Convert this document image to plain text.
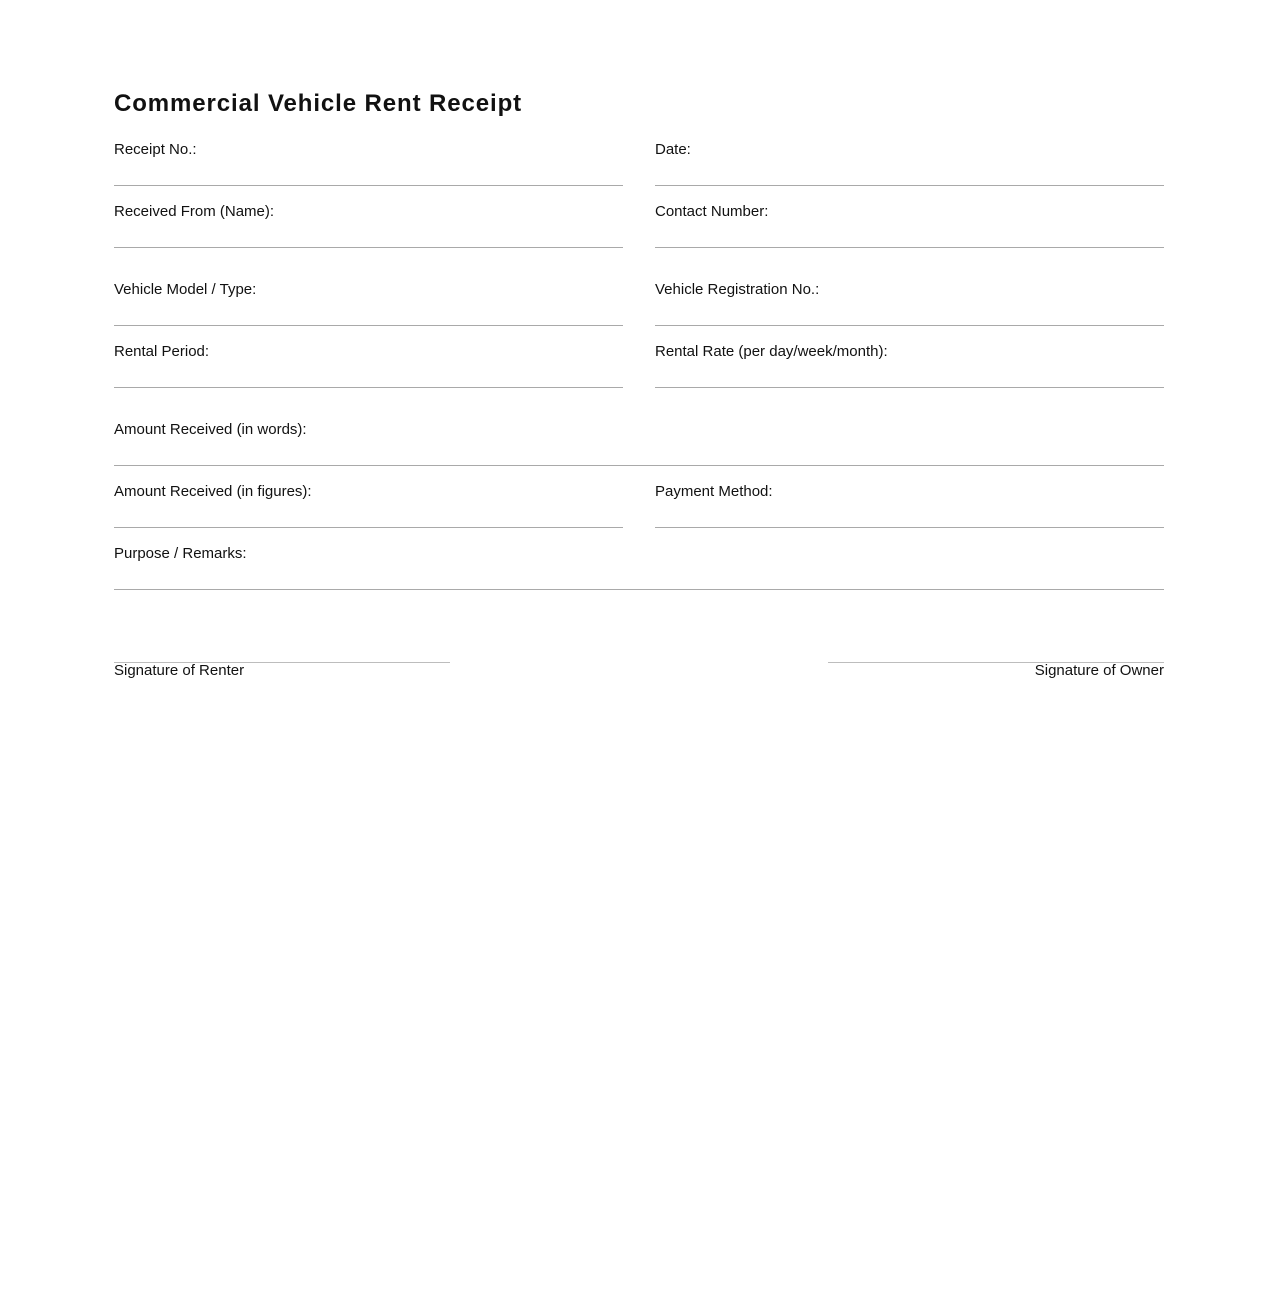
Commercial Vehicle Rent Receipt
Receipt No.:	Date:
Received From (Name):	Contact Number:
Vehicle Model / Type:	Vehicle Registration No.:
Rental Period:	Rental Rate (per day/week/month):
Amount Received (in words):
Amount Received (in figures):	Payment Method:
Purpose / Remarks:
Signature of Renter	Signature of Owner
